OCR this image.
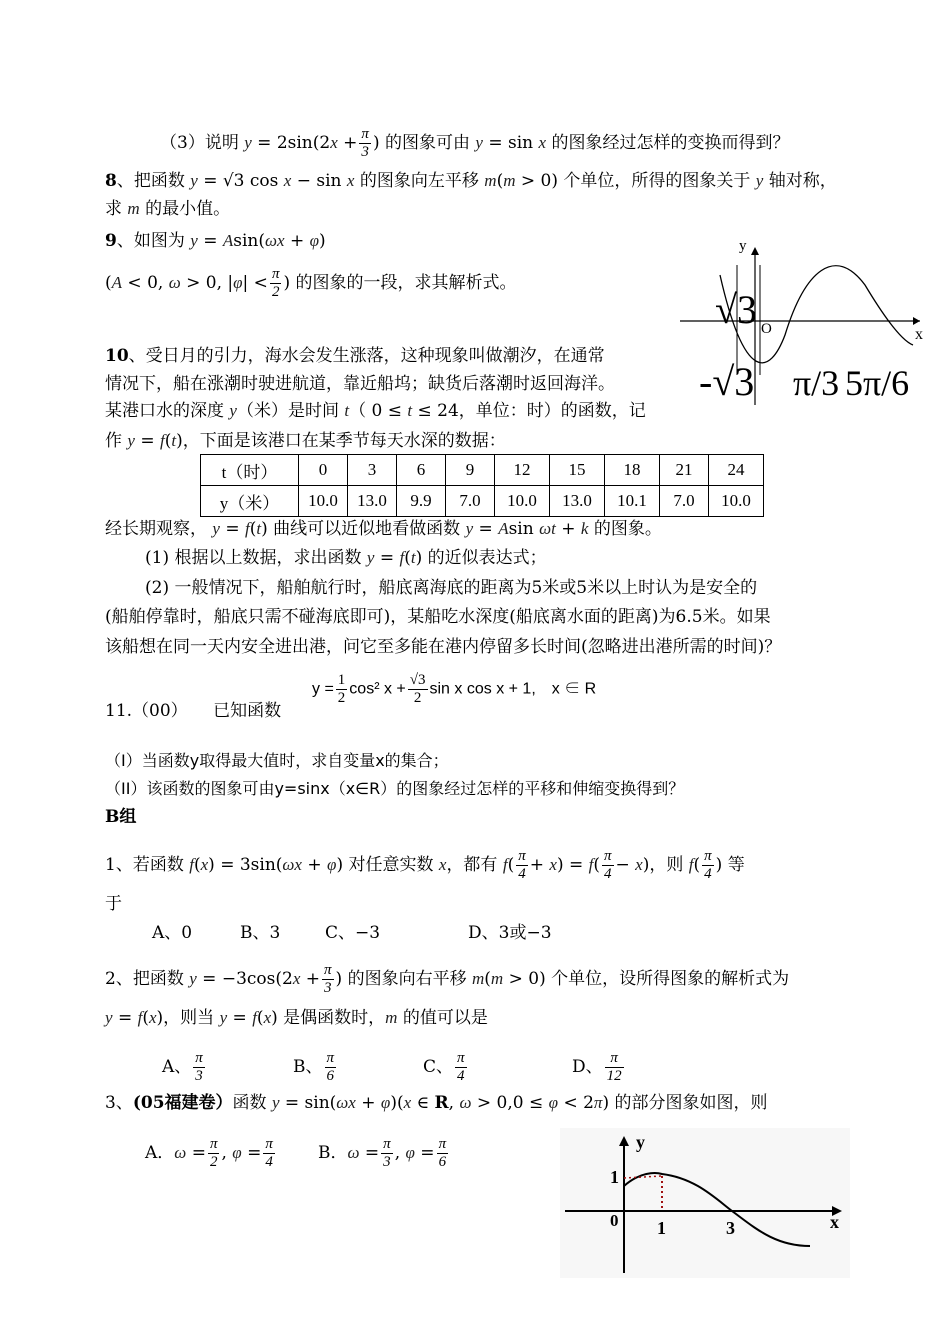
（3）说明 $y = 2\sin(2x + \frac{\pi}{3}$ ) 的图象可由 y = sin x 的图象经过怎样的变换而得到？
8、把函数 y = √3 cos x − sin x 的图象向左平移 m(m > 0) 个单位，所得的图象关于 y 轴对称，
求 m 的最小值。
9、如图为 y = Asin(ωx + φ)
(A < 0, ω > 0, $|\varphi| < \frac{\pi}{2}$ ) 的图象的一段，求其解析式。
y
x
O
√3
-√3 π/3 5π/6
10、受日月的引力，海水会发生涨落，这种现象叫做潮汐，在通常
情况下，船在涨潮时驶进航道，靠近船坞；缺货后落潮时返回海洋。
某港口水的深度 y（米）是时间 t（ 0 ≤ t ≤ 24，单位：时）的函数，记
作 y = f(t)，下面是该港口在某季节每天水深的数据：
t（时）	0	3	6	9	12	15	18	21	24
y（米）	10.0	13.0	9.9	7.0	10.0	13.0	10.1	7.0	10.0
经长期观察， y = f(t) 曲线可以近似地看做函数 y = Asin ωt + k 的图象。
(1) 根据以上数据，求出函数 y = f(t) 的近似表达式；
(2) 一般情况下，船舶航行时，船底离海底的距离为5米或5米以上时认为是安全的
(船舶停靠时，船底只需不碰海底即可)，某船吃水深度(船底离水面的距离)为6.5米。如果
该船想在同一天内安全进出港，问它至多能在港内停留多长时间(忽略进出港所需的时间)？
11.（00）　　已知函数
$y = \frac{1}{2} \cos^2$ $x + \frac{√3}{2}$ sin x cos x + 1,　x ∈ R
（I）当函数y取得最大值时，求自变量x的集合；
（II）该函数的图象可由y=sinx（x∈R）的图象经过怎样的平移和伸缩变换得到？
B组
1、若函数 f(x) = 3sin(ωx + φ) 对任意实数 x，都有 $f( \frac{\pi}{4} + x) = f( \frac{\pi}{4} - x)$，则 $f( \frac{\pi}{4}$ ) 等
于
A、0	B、3	C、−3	D、3或−3
2、把函数 $y = -3\cos(2x + \frac{\pi}{3}$ ) 的图象向右平移 m(m > 0) 个单位，设所得图象的解析式为
y = f(x)，则当 y = f(x) 是偶函数时，m 的值可以是
A、 $\frac{\pi}{3}$	B、 $\frac{\pi}{6}$	C、 $\frac{\pi}{4}$	D、 $\frac{\pi}{12}$
3、(05福建卷）函数 y = sin(ωx + φ)(x ∈ R, ω > 0,0 ≤ φ < 2π) 的部分图象如图，则
A．$\omega = \frac{\pi}{2}$ , $\varphi = \frac{\pi}{4}$	B．$\omega = \frac{\pi}{3}$ , $\varphi = \frac{\pi}{6}$	y
x
0
1
1	3
